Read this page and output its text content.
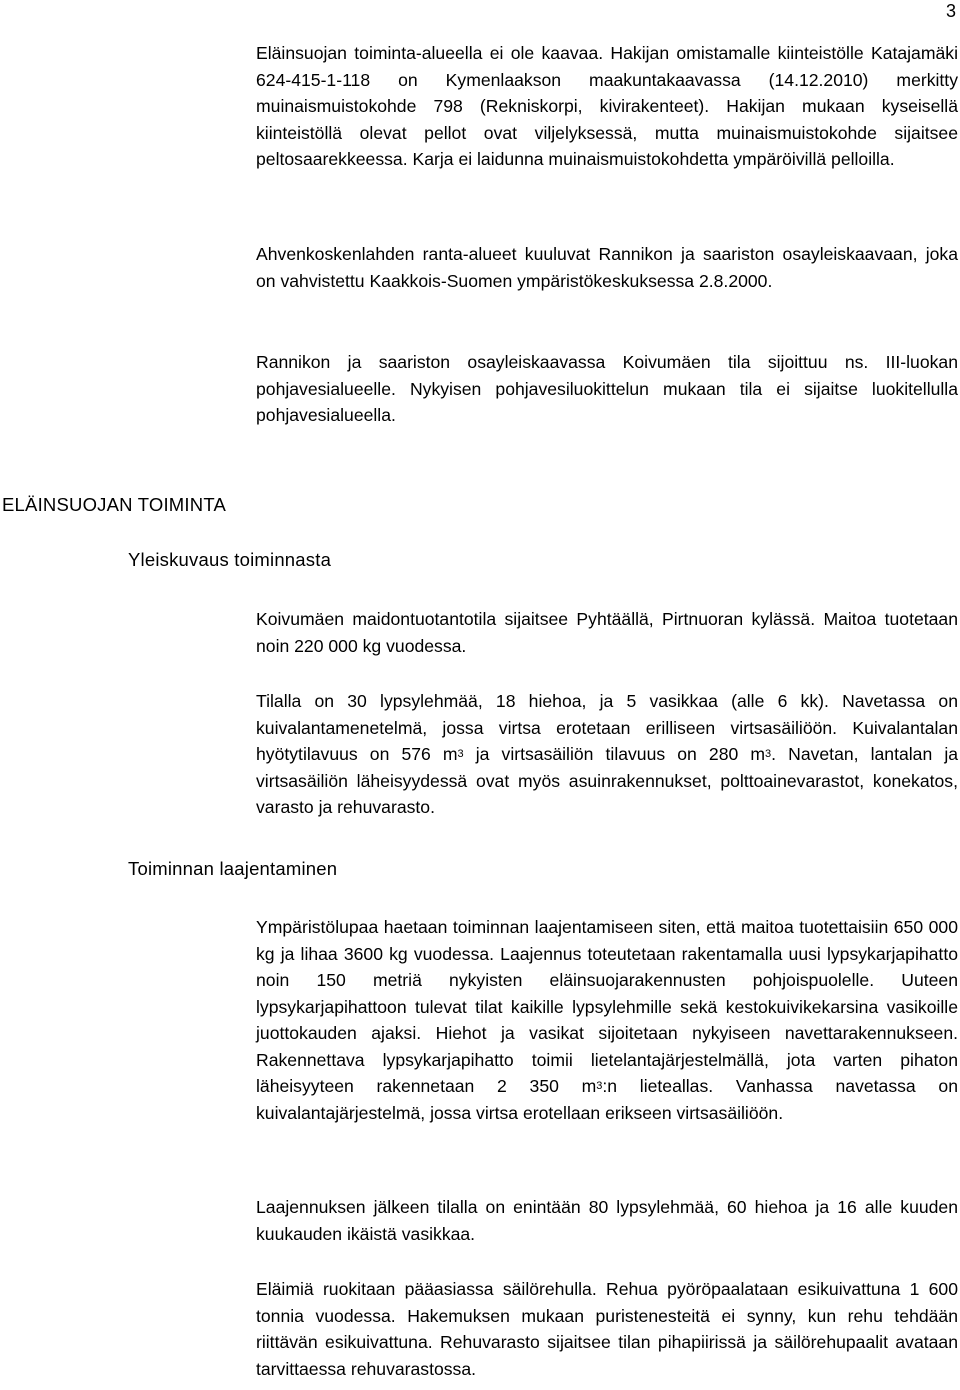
3

Eläinsuojan toiminta-alueella ei ole kaavaa. Hakijan omistamalle kiinteistölle Katajamäki 624-415-1-118 on Kymenlaakson maakuntakaavassa (14.12.2010) merkitty muinaismuistokohde 798 (Rekniskorpi, kivirakenteet). Hakijan mukaan kyseisellä kiinteistöllä olevat pellot ovat viljelyksessä, mutta muinaismuistokohde sijaitsee peltosaarekkeessa. Karja ei laidunna muinaismuistokohdetta ympäröivillä pelloilla.

Ahvenkoskenlahden ranta-alueet kuuluvat Rannikon ja saariston osayleiskaavaan, joka on vahvistettu Kaakkois-Suomen ympäristökeskuksessa 2.8.2000.

Rannikon ja saariston osayleiskaavassa Koivumäen tila sijoittuu ns. III-luokan pohjavesialueelle. Nykyisen pohjavesiluokittelun mukaan tila ei sijaitse luokitellulla pohjavesialueella.

ELÄINSUOJAN TOIMINTA
Yleiskuvaus toiminnasta

Koivumäen maidontuotantotila sijaitsee Pyhtäällä, Pirtnuoran kylässä. Maitoa tuotetaan noin 220 000 kg vuodessa.

Tilalla on 30 lypsylehmää, 18 hiehoa, ja 5 vasikkaa (alle 6 kk). Navetassa on kuivalantamenetelmä, jossa virtsa erotetaan erilliseen virtsasäiliöön. Kuivalantalan hyötytilavuus on 576 $m^3$ ja virtsasäiliön tilavuus on 280 $m^3$. Navetan, lantalan ja virtsasäiliön läheisyydessä ovat myös asuinrakennukset, polttoainevarastot, konekatos, varasto ja rehuvarasto.

Toiminnan laajentaminen

Ympäristölupaa haetaan toiminnan laajentamiseen siten, että maitoa tuotettaisiin 650 000 kg ja lihaa 3600 kg vuodessa. Laajennus toteutetaan rakentamalla uusi lypsykarjapihatto noin 150 metriä nykyisten eläinsuojarakennusten pohjoispuolelle. Uuteen lypsykarjapihattoon tulevat tilat kaikille lypsylehmille sekä kestokuivikekarsina vasikoille juottokauden ajaksi. Hiehot ja vasikat sijoitetaan nykyiseen navettarakennukseen. Rakennettava lypsykarjapihatto toimii lietelantajärjestelmällä, jota varten pihaton läheisyyteen rakennetaan 2 350 $m^3:n$ lieteallas. Vanhassa navetassa on kuivalantajärjestelmä, jossa virtsa erotellaan erikseen virtsasäiliöön.

Laajennuksen jälkeen tilalla on enintään 80 lypsylehmää, 60 hiehoa ja 16 alle kuuden kuukauden ikäistä vasikkaa.

Eläimiä ruokitaan pääasiassa säilörehulla. Rehua pyöröpaalataan esikuivattuna 1 600 tonnia vuodessa. Hakemuksen mukaan puristenesteitä ei synny, kun rehu tehdään riittävän esikuivattuna. Rehuvarasto sijaitsee tilan pihapiirissä ja säilörehupaalit avataan tarvittaessa rehuvarastossa.
